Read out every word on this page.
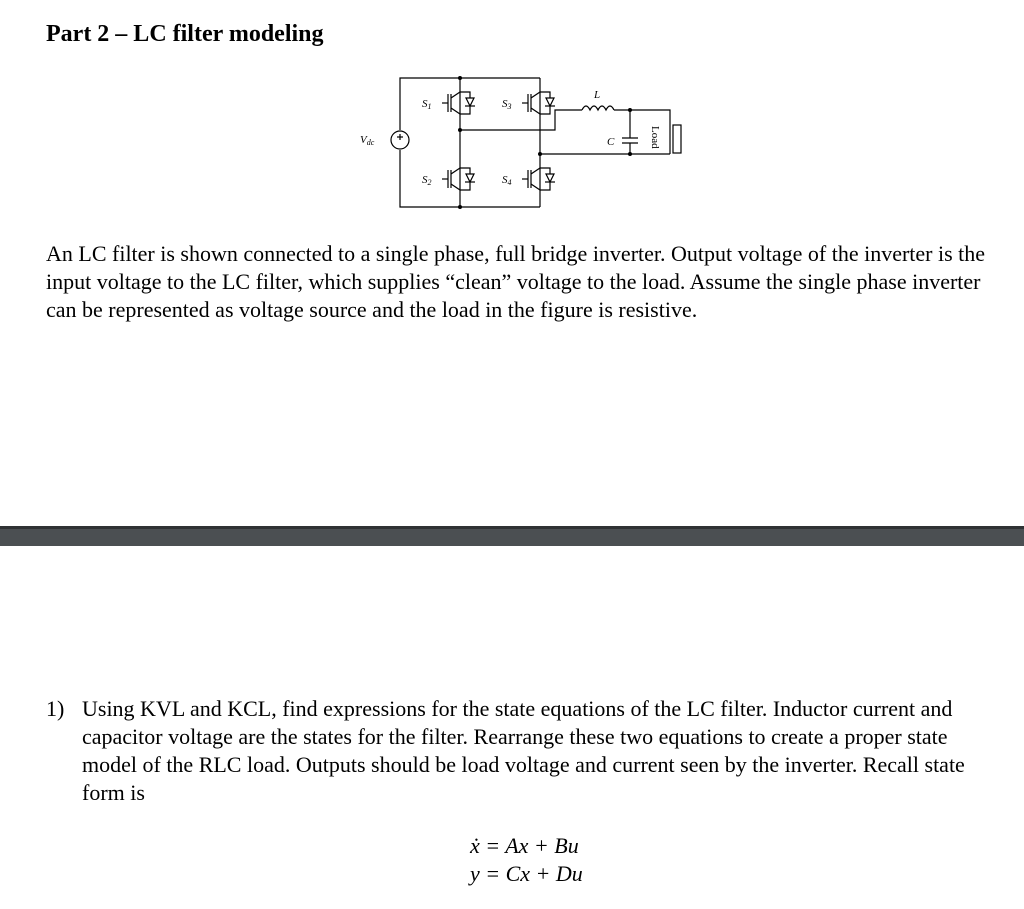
Part 2 – LC filter modeling
Vdc
S1	S3
S2	S4
L
C	Load
An LC filter is shown connected to a single phase, full bridge inverter. Output voltage of the inverter is the input voltage to the LC filter, which supplies “clean” voltage to the load. Assume the single phase inverter can be represented as voltage source and the load in the figure is resistive.
1) Using KVL and KCL, find expressions for the state equations of the LC filter. Inductor current and capacitor voltage are the states for the filter. Rearrange these two equations to create a proper state model of the RLC load. Outputs should be load voltage and current seen by the inverter. Recall state form is
ẋ = Ax + Bu
y = Cx + Du
